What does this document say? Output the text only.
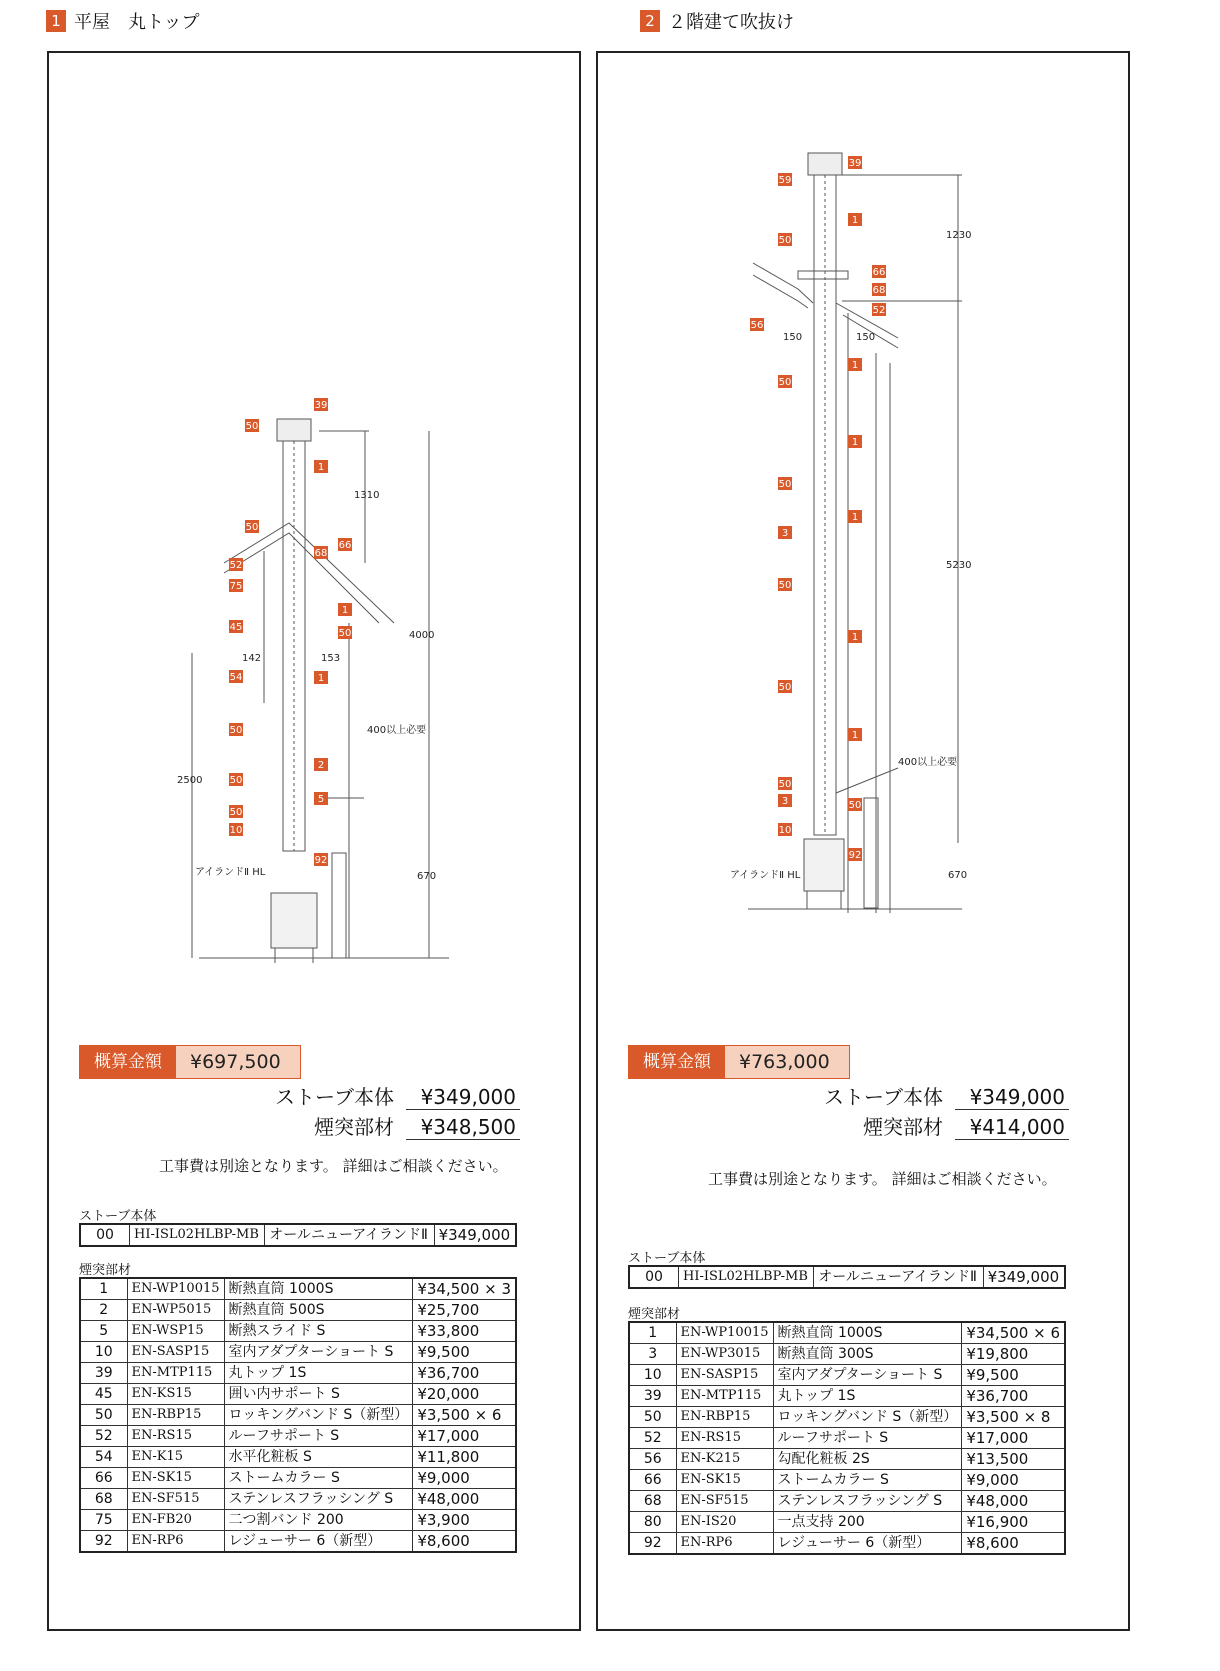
1 平屋　丸トップ	2 ２階建て吹抜け
1310
4000
2500
670
142	153
400以上必要
アイランドⅡ HL
39
50
1
50
68
66
52
75
1
45
50
54	1
50
2
50
5
50
10
92
概算金額	¥697,500
ストーブ本体	¥349,000
煙突部材	¥348,500
工事費は別途となります。 詳細はご相談ください。
ストーブ本体
00	HI-ISL02HLBP-MB	オールニューアイランドⅡ	¥349,000
煙突部材
1	EN-WP10015	断熱直筒 1000S	¥34,500 × 3
2	EN-WP5015	断熱直筒 500S	¥25,700
5	EN-WSP15	断熱スライド S	¥33,800
10	EN-SASP15	室内アダプターショート S	¥9,500
39	EN-MTP115	丸トップ 1S	¥36,700
45	EN-KS15	囲い内サポート S	¥20,000
50	EN-RBP15	ロッキングバンド S（新型）	¥3,500 × 6
52	EN-RS15	ルーフサポート S	¥17,000
54	EN-K15	水平化粧板 S	¥11,800
66	EN-SK15	ストームカラー S	¥9,000
68	EN-SF515	ステンレスフラッシング S	¥48,000
75	EN-FB20	二つ割バンド 200	¥3,900
92	EN-RP6	レジューサー 6（新型）	¥8,600
1230
5230
670
150	150
400以上必要
アイランドⅡ HL
39
59
1
50
66
68
52
56
1
50
1
50
1
3
50
1
50
1
50
3	50
10
92
概算金額	¥763,000
ストーブ本体	¥349,000
煙突部材	¥414,000
工事費は別途となります。 詳細はご相談ください。
ストーブ本体
00	HI-ISL02HLBP-MB	オールニューアイランドⅡ	¥349,000
煙突部材
1	EN-WP10015	断熱直筒 1000S	¥34,500 × 6
3	EN-WP3015	断熱直筒 300S	¥19,800
10	EN-SASP15	室内アダプターショート S	¥9,500
39	EN-MTP115	丸トップ 1S	¥36,700
50	EN-RBP15	ロッキングバンド S（新型）	¥3,500 × 8
52	EN-RS15	ルーフサポート S	¥17,000
56	EN-K215	勾配化粧板 2S	¥13,500
66	EN-SK15	ストームカラー S	¥9,000
68	EN-SF515	ステンレスフラッシング S	¥48,000
80	EN-IS20	一点支持 200	¥16,900
92	EN-RP6	レジューサー 6（新型）	¥8,600
